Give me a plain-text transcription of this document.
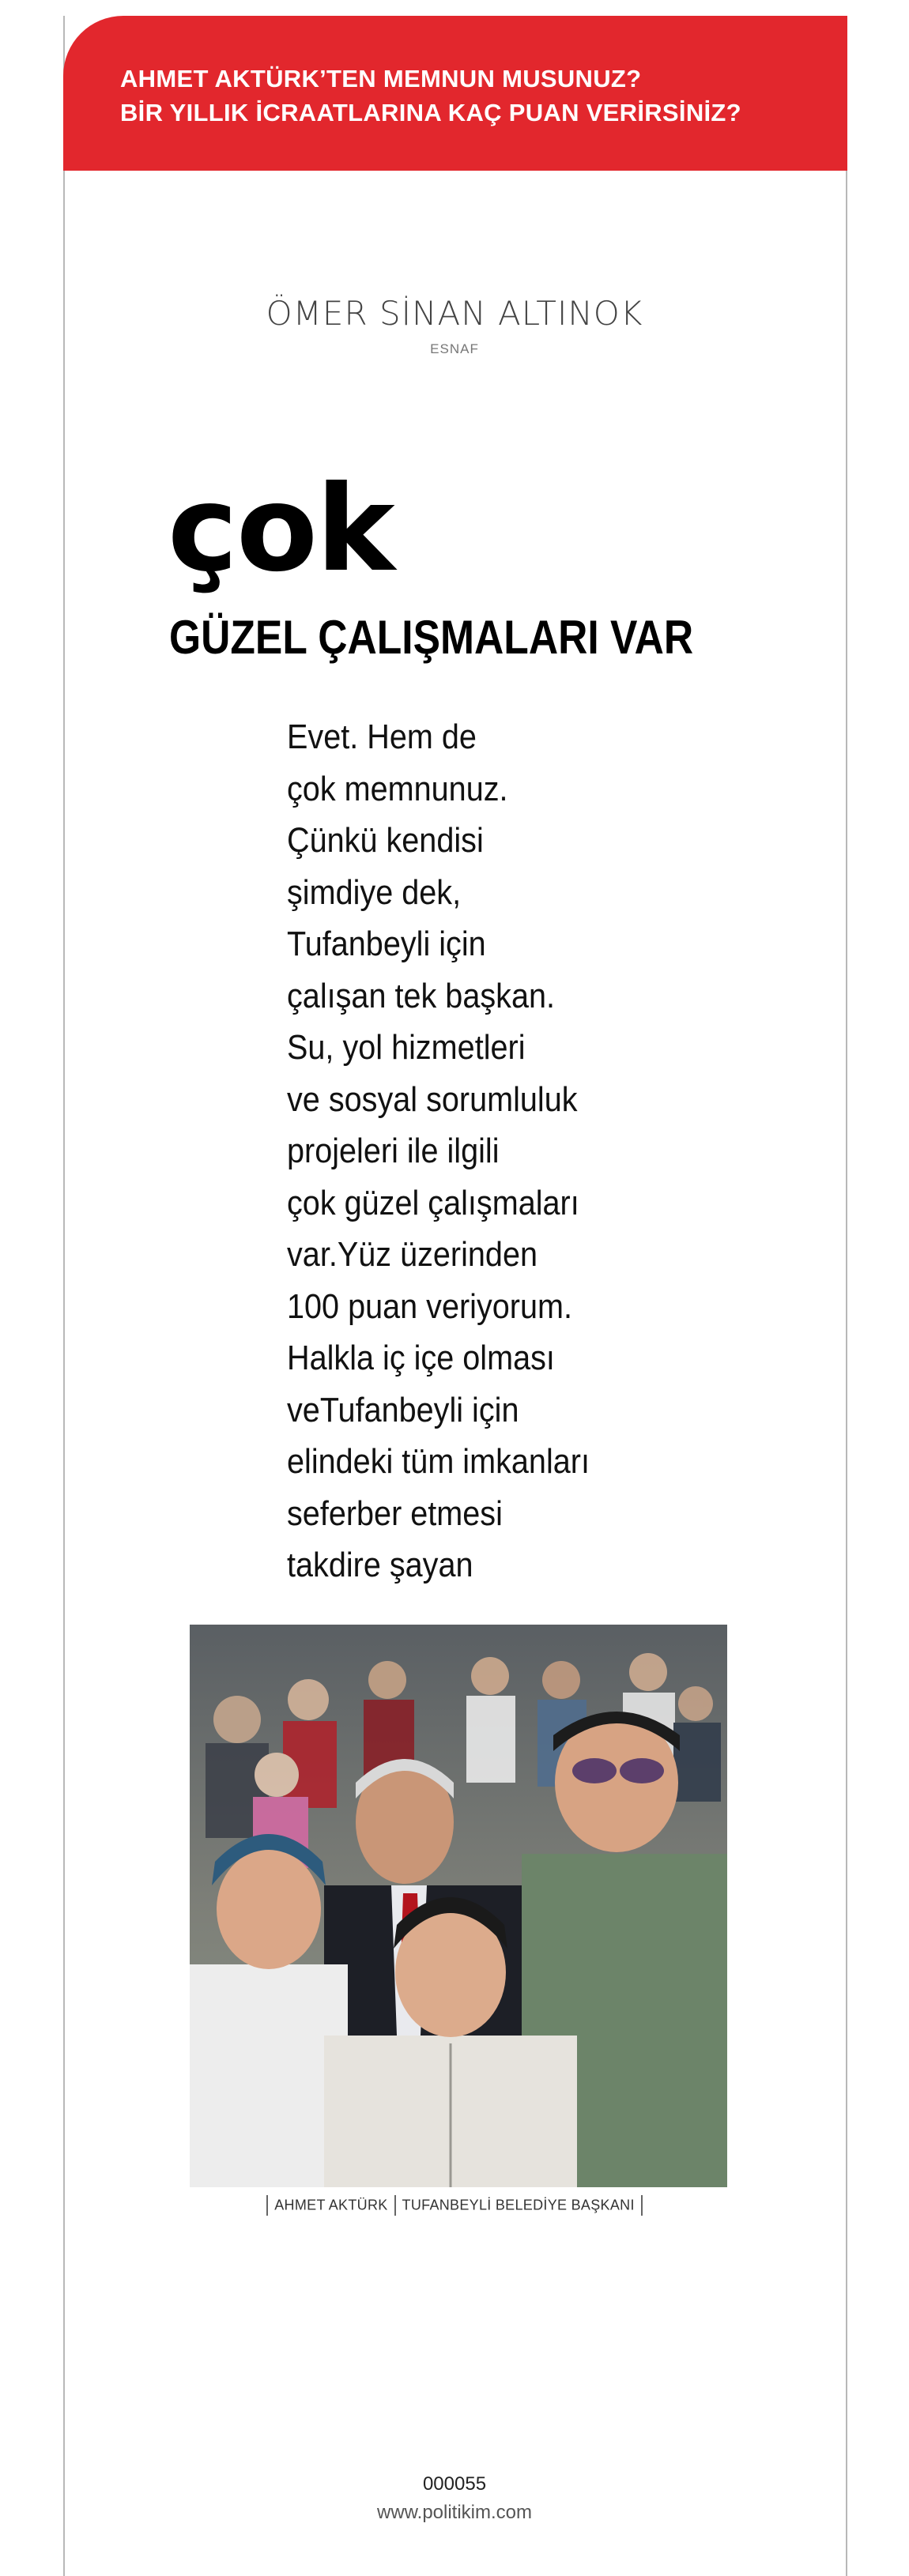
AHMET AKTÜRK’TEN MEMNUN MUSUNUZ?
BİR YILLIK İCRAATLARINA KAÇ PUAN VERİRSİNİZ?
ÖMER SİNAN ALTINOK
ESNAF
çok
GÜZEL ÇALIŞMALARI VAR
Evet. Hem de
çok memnunuz.
Çünkü kendisi
şimdiye dek,
Tufanbeyli için
çalışan tek başkan.
Su, yol hizmetleri
ve sosyal sorumluluk
projeleri ile ilgili
çok güzel çalışmaları
var.Yüz üzerinden
100 puan veriyorum.
Halkla iç içe olması
veTufanbeyli için
elindeki tüm imkanları
seferber etmesi
takdire şayan
AHMET AKTÜRK TUFANBEYLİ BELEDİYE BAŞKANI
000055
www.politikim.com
